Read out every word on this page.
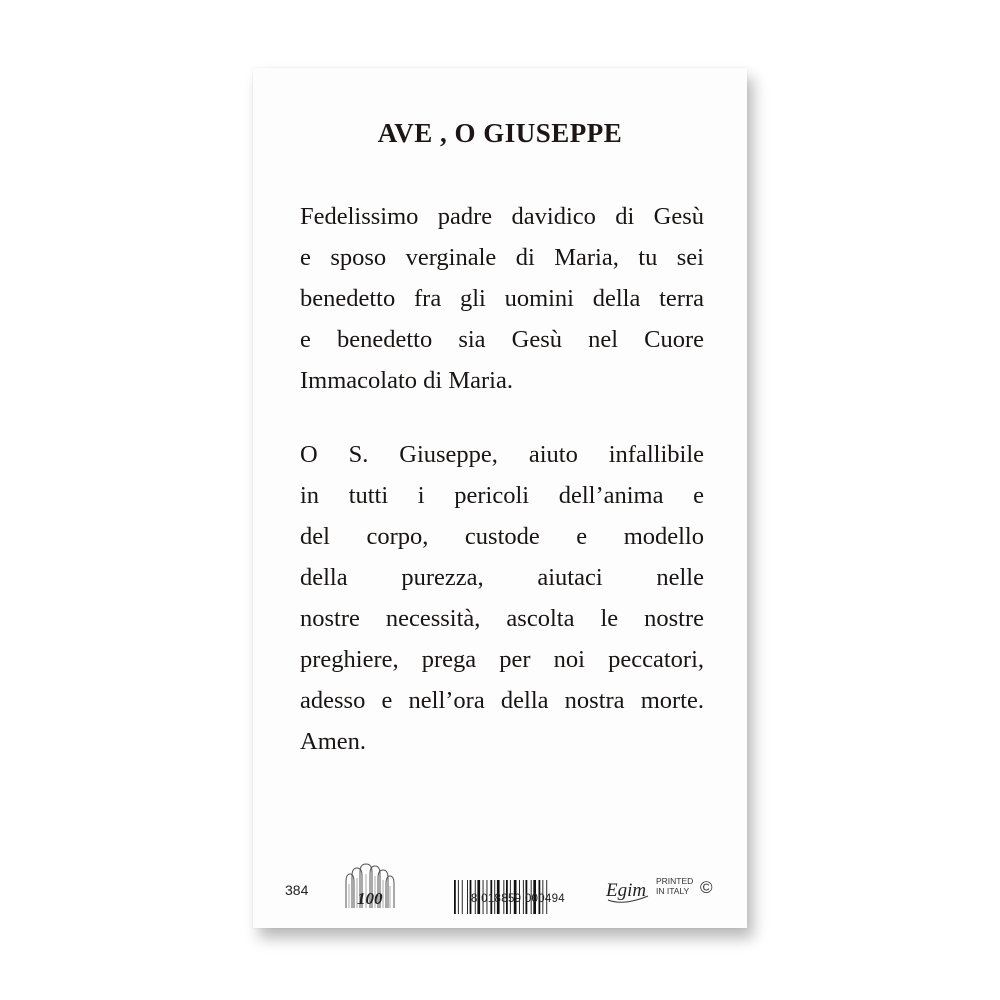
AVE , O GIUSEPPE
Fedelissimo padre davidico di Gesù
e sposo verginale di Maria, tu sei
benedetto fra gli uomini della terra
e benedetto sia Gesù nel Cuore
Immacolato di Maria.
O S. Giuseppe, aiuto infallibile
in tutti i pericoli dell’anima e
del corpo, custode e modello
della purezza, aiutaci nelle
nostre necessità, ascolta le nostre
preghiere, prega per noi peccatori,
adesso e nell’ora della nostra morte.
Amen.
384	100	8 018859 000494	Egim PRINTED
IN ITALY ©
